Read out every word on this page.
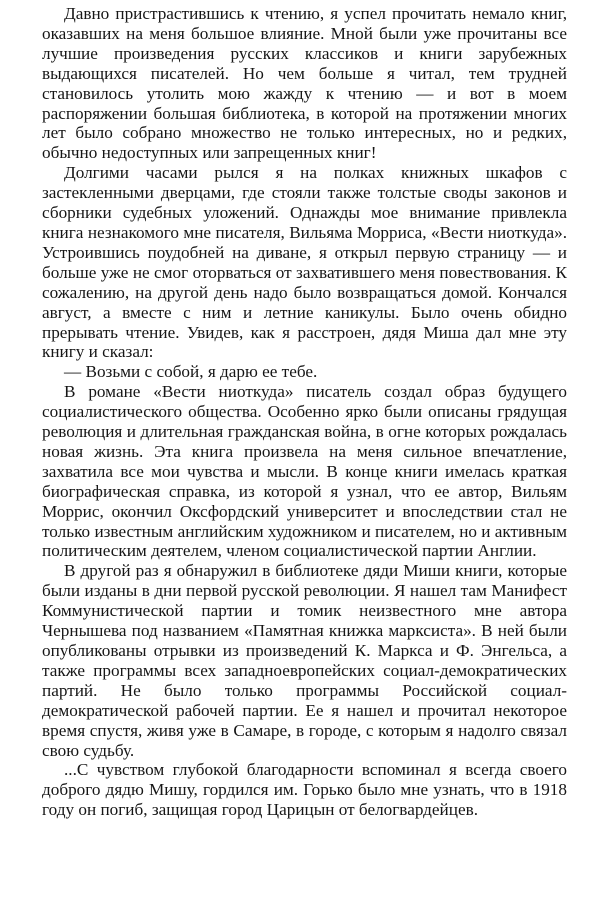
Давно пристрастившись к чтению, я успел прочитать немало книг, оказавших на меня большое влияние. Мной были уже прочитаны все лучшие произведения русских классиков и книги зарубежных выдающихся писателей. Но чем больше я читал, тем трудней становилось утолить мою жажду к чтению — и вот в моем распоряжении большая библиотека, в которой на протяжении многих лет было собрано множество не только интересных, но и редких, обычно недоступных или запрещенных книг!

Долгими часами рылся я на полках книжных шкафов с застекленными дверцами, где стояли также толстые своды законов и сборники судебных уложений. Однажды мое внимание привлекла книга незнакомого мне писателя, Вильяма Морриса, «Вести ниоткуда». Устроившись поудобней на диване, я открыл первую страницу — и больше уже не смог оторваться от захватившего меня повествования. К сожалению, на другой день надо было возвращаться домой. Кончался август, а вместе с ним и летние каникулы. Было очень обидно прерывать чтение. Увидев, как я расстроен, дядя Миша дал мне эту книгу и сказал:

— Возьми с собой, я дарю ее тебе.

В романе «Вести ниоткуда» писатель создал образ будущего социалистического общества. Особенно ярко были описаны грядущая революция и длительная гражданская война, в огне которых рождалась новая жизнь. Эта книга произвела на меня сильное впечатление, захватила все мои чувства и мысли. В конце книги имелась краткая биографическая справка, из которой я узнал, что ее автор, Вильям Моррис, окончил Оксфордский университет и впоследствии стал не только известным английским художником и писателем, но и активным политическим деятелем, членом социалистической партии Англии.

В другой раз я обнаружил в библиотеке дяди Миши книги, которые были изданы в дни первой русской революции. Я нашел там Манифест Коммунистической партии и томик неизвестного мне автора Чернышева под названием «Памятная книжка марксиста». В ней были опубликованы отрывки из произведений К. Маркса и Ф. Энгельса, а также программы всех западноевропейских социал-демократических партий. Не было только программы Российской социал-демократической рабочей партии. Ее я нашел и прочитал некоторое время спустя, живя уже в Самаре, в городе, с которым я надолго связал свою судьбу.

...С чувством глубокой благодарности вспоминал я всегда своего доброго дядю Мишу, гордился им. Горько было мне узнать, что в 1918 году он погиб, защищая город Царицын от белогвардейцев.
